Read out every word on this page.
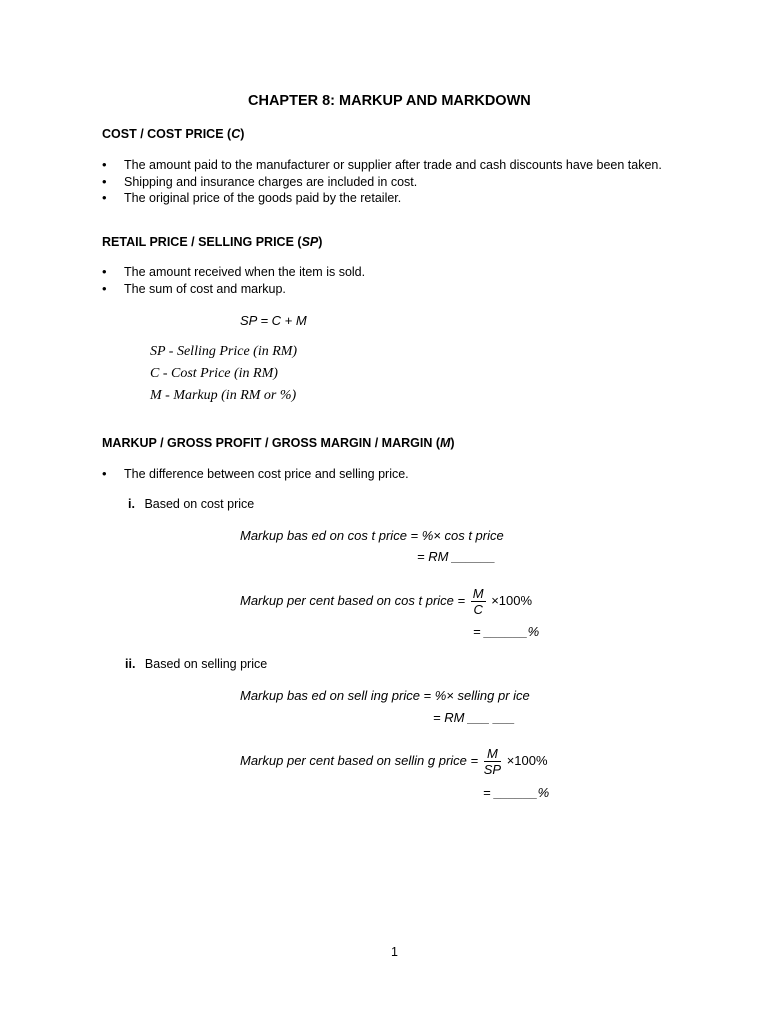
CHAPTER 8: MARKUP AND MARKDOWN
COST / COST PRICE (C)
• The amount paid to the manufacturer or supplier after trade and cash discounts have been taken.
• Shipping and insurance charges are included in cost.
• The original price of the goods paid by the retailer.
RETAIL PRICE / SELLING PRICE (SP)
• The amount received when the item is sold.
• The sum of cost and markup.
SP = C + M
SP - Selling Price (in RM)
C - Cost Price (in RM)
M - Markup (in RM or %)
MARKUP / GROSS PROFIT / GROSS MARGIN / MARGIN (M)
• The difference between cost price and selling price.
i. Based on cost price
Markup bas ed on cos t price = %× cos t price
= RM ______
Markup per cent based on cos t price = $\frac{M}{C} \times 100\%$
= ______%
ii. Based on selling price
Markup bas ed on sell ing price = %× selling pr ice
= RM ___ ___
Markup per cent based on sellin g price = $\frac{M}{SP} \times 100\%$
= ______%
1
